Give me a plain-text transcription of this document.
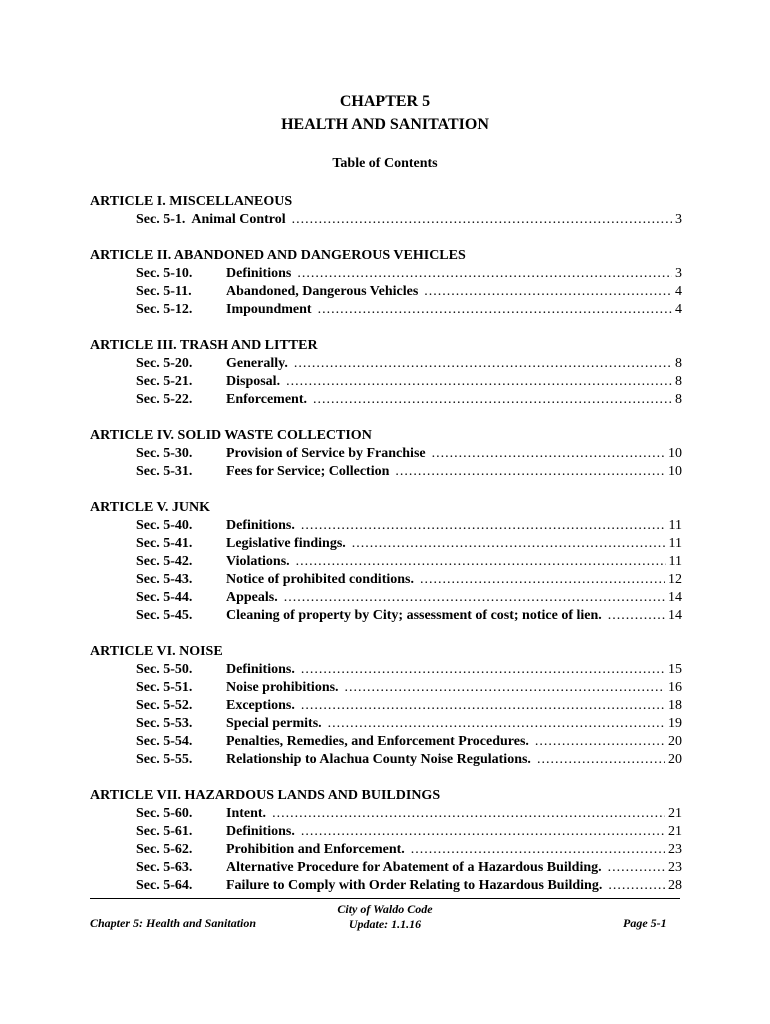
CHAPTER 5
HEALTH AND SANITATION
Table of Contents
ARTICLE I. MISCELLANEOUS
Sec. 5-1. Animal Control .....	3
ARTICLE II. ABANDONED AND DANGEROUS VEHICLES
Sec. 5-10.	Definitions .....	3
Sec. 5-11.	Abandoned, Dangerous Vehicles .....	4
Sec. 5-12.	Impoundment .....	4
ARTICLE III. TRASH AND LITTER
Sec. 5-20.	Generally. .....	8
Sec. 5-21.	Disposal. .....	8
Sec. 5-22.	Enforcement. .....	8
ARTICLE IV. SOLID WASTE COLLECTION
Sec. 5-30.	Provision of Service by Franchise .....	10
Sec. 5-31.	Fees for Service; Collection .....	10
ARTICLE V. JUNK
Sec. 5-40.	Definitions. .....	11
Sec. 5-41.	Legislative findings. .....	11
Sec. 5-42.	Violations. .....	11
Sec. 5-43.	Notice of prohibited conditions. .....	12
Sec. 5-44.	Appeals. .....	14
Sec. 5-45.	Cleaning of property by City; assessment of cost; notice of lien. .....	14
ARTICLE VI. NOISE
Sec. 5-50.	Definitions. .....	15
Sec. 5-51.	Noise prohibitions. .....	16
Sec. 5-52.	Exceptions. .....	18
Sec. 5-53.	Special permits. .....	19
Sec. 5-54.	Penalties, Remedies, and Enforcement Procedures. .....	20
Sec. 5-55.	Relationship to Alachua County Noise Regulations. .....	20
ARTICLE VII. HAZARDOUS LANDS AND BUILDINGS
Sec. 5-60.	Intent. .....	21
Sec. 5-61.	Definitions. .....	21
Sec. 5-62.	Prohibition and Enforcement. .....	23
Sec. 5-63.	Alternative Procedure for Abatement of a Hazardous Building. .....	23
Sec. 5-64.	Failure to Comply with Order Relating to Hazardous Building. .....	28
Chapter 5: Health and Sanitation
City of Waldo Code
Update: 1.1.16	Page 5-1
